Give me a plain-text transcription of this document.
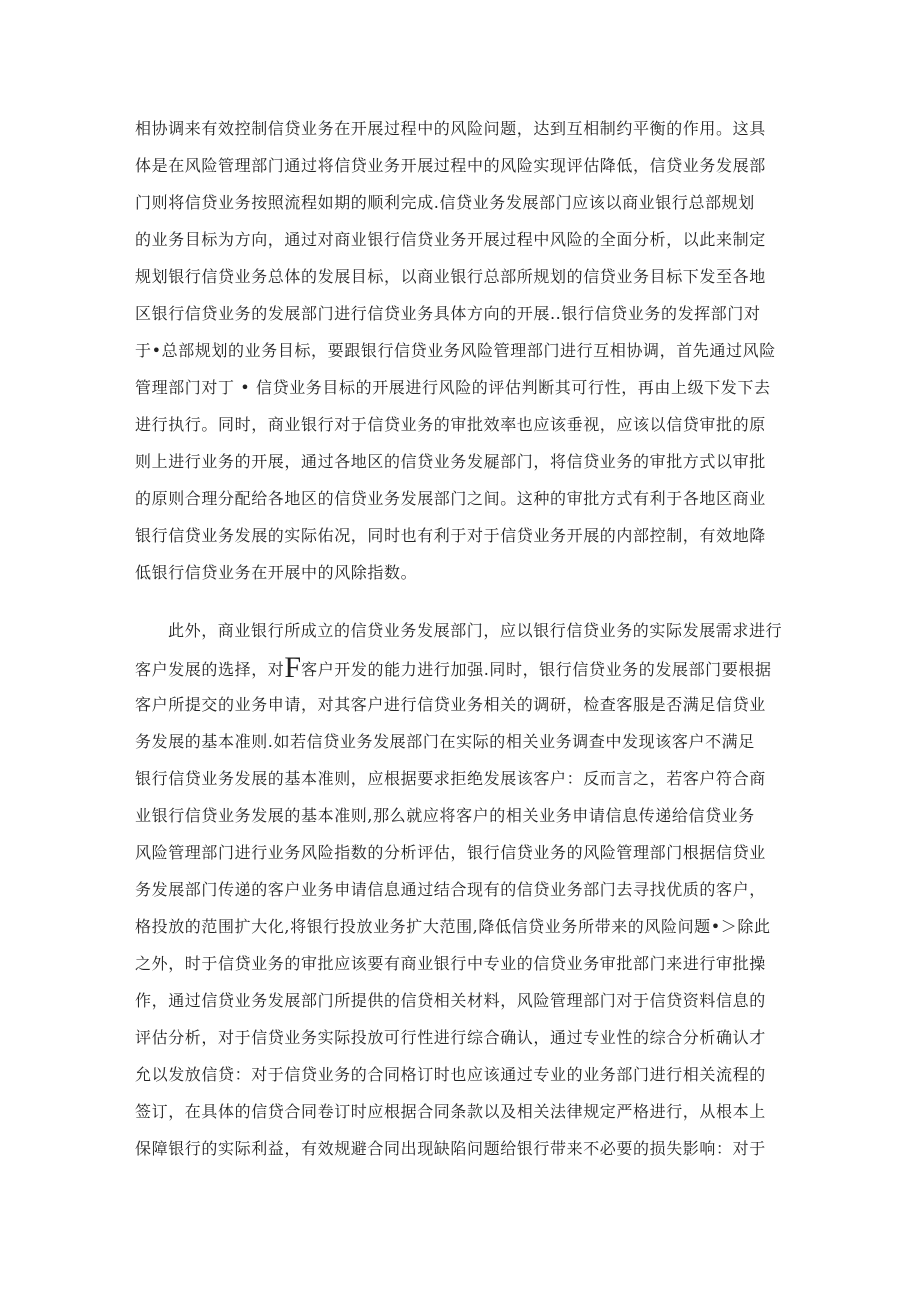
相协调来有效控制信贷业务在开展过程中的风险问题，达到互相制约平衡的作用。这具
体是在风险管理部门通过将信贷业务开展过程中的风险实现评估降低，信贷业务发展部
门则将信贷业务按照流程如期的顺利完成.信贷业务发展部门应该以商业银行总部规划
的业务目标为方向，通过对商业银行信贷业务开展过程中风险的全面分析，以此来制定
规划银行信贷业务总体的发展目标，以商业银行总部所规划的信贷业务目标下发至各地
区银行信贷业务的发展部门进行信贷业务具体方向的开展..银行信贷业务的发挥部门对
于•总部规划的业务目标，要跟银行信贷业务风险管理部门进行互相协调，首先通过风险
管理部门对丁 • 信贷业务目标的开展进行风险的评估判断其可行性，再由上级下发下去
进行执行。同时，商业银行对于信贷业务的审批效率也应该垂视，应该以信贷审批的原
则上进行业务的开展，通过各地区的信贷业务发屣部门，将信贷业务的审批方式以审批
的原则合理分配给各地区的信贷业务发展部门之间。这种的审批方式有利于各地区商业
银行信贷业务发展的实际佑况，同时也有利于对于信贷业务开展的内部控制，有效地降
低银行信贷业务在开展中的风除指数。
此外，商业银行所成立的信贷业务发展部门，应以银行信贷业务的实际发展需求进行
客户发展的选择，对F客户开发的能力进行加强.同时，银行信贷业务的发展部门要根据
客户所提交的业务申请，对其客户进行信贷业务相关的调研，检查客服是否满足信贷业
务发展的基本准则.如若信贷业务发展部门在实际的相关业务调查中发现该客户不满足
银行信贷业务发展的基本准则，应根据要求拒绝发展该客户：反而言之，若客户符合商
业银行信贷业务发展的基本准则,那么就应将客户的相关业务申请信息传递给信贷业务
风险管理部门进行业务风险指数的分析评估，银行信贷业务的风险管理部门根据信贷业
务发展部门传递的客户业务申请信息通过结合现有的信贷业务部门去寻找优质的客户，
格投放的范围扩大化,将银行投放业务扩大范围,降低信贷业务所带来的风险问题•＞除此
之外，时于信贷业务的审批应该要有商业银行中专业的信贷业务审批部门来进行审批操
作，通过信贷业务发展部门所提供的信贷相关材料，风险管理部门对于信贷资料信息的
评估分析，对于信贷业务实际投放可行性进行综合确认，通过专业性的综合分析确认才
允以发放信贷：对于信贷业务的合同格订时也应该通过专业的业务部门进行相关流程的
签订，在具体的信贷合同卷订时应根据合同条款以及相关法律规定严格进行，从根本上
保障银行的实际利益，有效规避合同出现缺陷问题给银行带来不必要的损失影响：对于
